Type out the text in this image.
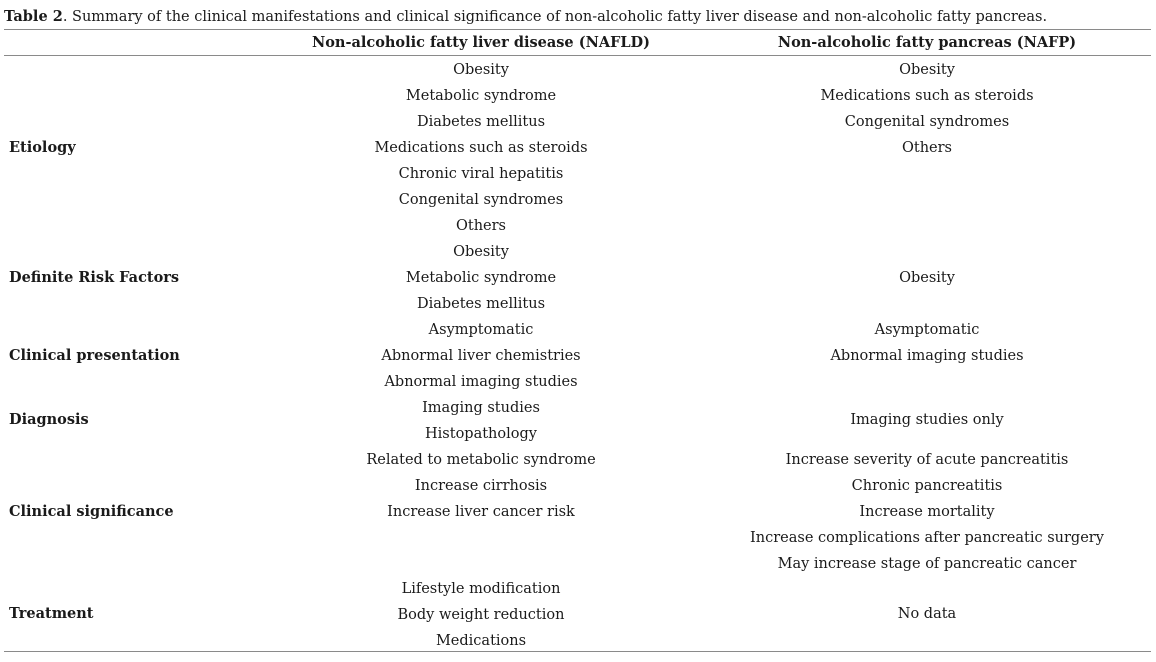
Table 2. Summary of the clinical manifestations and clinical significance of non-alcoholic fatty liver disease and non-alcoholic fatty pancreas.
Non-alcoholic fatty liver disease (NAFLD)	Non-alcoholic fatty pancreas (NAFP)
Etiology
Obesity
Metabolic syndrome
Diabetes mellitus
Medications such as steroids
Chronic viral hepatitis
Congenital syndromes
Others
Obesity
Medications such as steroids
Congenital syndromes
Others
Definite Risk Factors
Obesity
Metabolic syndrome
Diabetes mellitus
Obesity
Clinical presentation
Asymptomatic
Abnormal liver chemistries
Abnormal imaging studies
Asymptomatic
Abnormal imaging studies
Diagnosis
Imaging studies
Histopathology
Imaging studies only
Clinical significance
Related to metabolic syndrome
Increase cirrhosis
Increase liver cancer risk
Increase severity of acute pancreatitis
Chronic pancreatitis
Increase mortality
Increase complications after pancreatic surgery
May increase stage of pancreatic cancer
Treatment
Lifestyle modification
Body weight reduction
Medications
No data
